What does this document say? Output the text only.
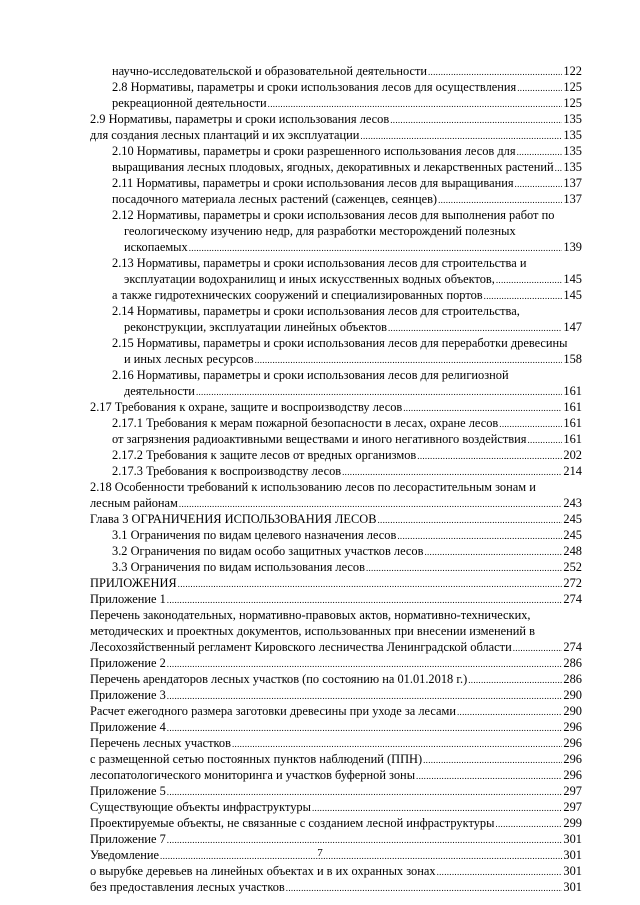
научно-исследовательской и образовательной деятельности .....	122
2.8 Нормативы, параметры и сроки использования лесов для осуществления .....	125
рекреационной деятельности .....	125
2.9 Нормативы, параметры и сроки использования лесов .....	135
для создания лесных плантаций и их эксплуатации .....	135
2.10 Нормативы, параметры и сроки разрешенного использования лесов для .....	135
выращивания лесных плодовых, ягодных, декоративных и лекарственных растений ..... 135
2.11 Нормативы, параметры и сроки использования лесов для выращивания .....	137
посадочного материала лесных растений (саженцев, сеянцев) .....	137
2.12 Нормативы, параметры и сроки использования лесов для выполнения работ по
геологическому изучению недр, для разработки месторождений полезных
ископаемых .....	139
2.13 Нормативы, параметры и сроки использования лесов для строительства и
эксплуатации водохранилищ и иных искусственных водных объектов, .....	145
а также гидротехнических сооружений и специализированных портов .....	145
2.14 Нормативы, параметры и сроки использования лесов для строительства,
реконструкции, эксплуатации линейных объектов .....	147
2.15 Нормативы, параметры и сроки использования лесов для переработки древесины
и иных лесных ресурсов .....	158
2.16 Нормативы, параметры и сроки использования лесов для религиозной
деятельности .....	161
2.17 Требования к охране, защите и воспроизводству лесов .....	161
2.17.1 Требования к мерам пожарной безопасности в лесах, охране лесов .....	161
от загрязнения радиоактивными веществами и иного негативного воздействия .....	161
2.17.2 Требования к защите лесов от вредных организмов .....	202
2.17.3 Требования к воспроизводству лесов .....	214
2.18 Особенности требований к использованию лесов по лесорастительным зонам и
лесным районам .....	243
Глава 3 ОГРАНИЧЕНИЯ ИСПОЛЬЗОВАНИЯ ЛЕСОВ .....	245
3.1 Ограничения по видам целевого назначения лесов .....	245
3.2 Ограничения по видам особо защитных участков лесов .....	248
3.3 Ограничения по видам использования лесов .....	252
ПРИЛОЖЕНИЯ .....	272
Приложение 1 .....	274
Перечень законодательных, нормативно-правовых актов, нормативно-технических,
методических и проектных документов, использованных при внесении изменений в
Лесохозяйственный регламент Кировского лесничества Ленинградской области .....	274
Приложение 2 .....	286
Перечень арендаторов лесных участков (по состоянию на 01.01.2018 г.) .....	286
Приложение 3 .....	290
Расчет ежегодного размера заготовки древесины при уходе за лесами .....	290
Приложение 4 .....	296
Перечень лесных участков .....	296
с размещенной сетью постоянных пунктов наблюдений (ППН) .....	296
лесопатологического мониторинга и участков буферной зоны .....	296
Приложение 5 .....	297
Существующие объекты инфраструктуры .....	297
Проектируемые объекты, не связанные с созданием лесной инфраструктуры .....	299
Приложение 7 .....	301
Уведомление .....	301
о вырубке деревьев на линейных объектах и в их охранных зонах .....	301
без предоставления лесных участков .....	301
7
